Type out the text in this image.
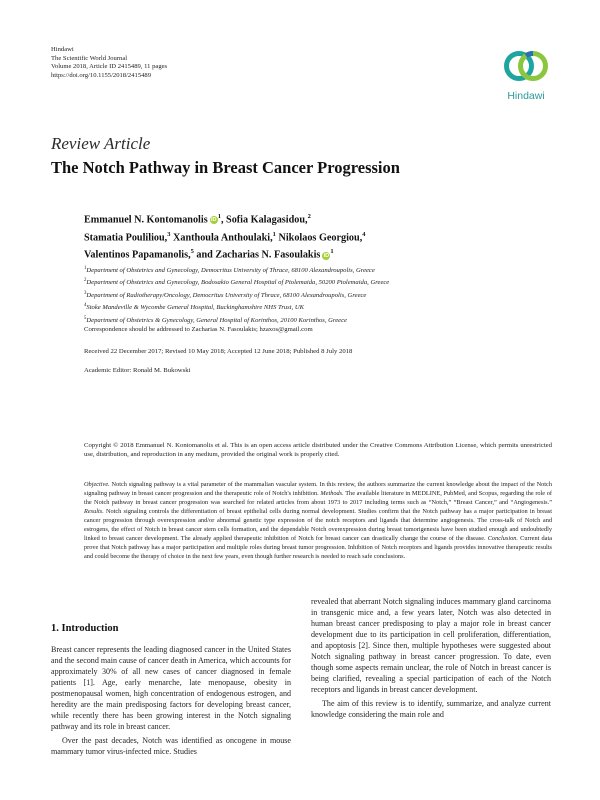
Hindawi
The Scientific World Journal
Volume 2018, Article ID 2415489, 11 pages
https://doi.org/10.1155/2018/2415489
Hindawi
Review Article
The Notch Pathway in Breast Cancer Progression
Emmanuel N. Kontomanolis $iD^1$, Sofia Kalagasidou,$^2$
Stamatia Pouliliou,$^3$ Xanthoula Anthoulaki,$^1$ Nikolaos Georgiou,$^4$
Valentinos Papamanolis,$^5$ and Zacharias N. Fasoulakis $iD^1$
$^1$Department of Obstetrics and Gynecology, Democritus University of Thrace, 68100 Alexandroupolis, Greece
$^2$Department of Obstetrics and Gynecology, Bodosakio General Hospital of Ptolemaida, 50200 Ptolemaida, Greece
$^3$Department of Radiotherapy/Oncology, Democritus University of Thrace, 68100 Alexandroupolis, Greece
$^4$Stoke Mandeville & Wycombe General Hospital, Buckinghamshire NHS Trust, UK
$^5$Department of Obstetrics & Gynecology, General Hospital of Korinthos, 20100 Korinthos, Greece
Correspondence should be addressed to Zacharias N. Fasoulakis; hzaxos@gmail.com
Received 22 December 2017; Revised 10 May 2018; Accepted 12 June 2018; Published 8 July 2018
Academic Editor: Ronald M. Bukowski
Copyright © 2018 Emmanuel N. Kontomanolis et al. This is an open access article distributed under the Creative Commons Attribution License, which permits unrestricted use, distribution, and reproduction in any medium, provided the original work is properly cited.
Objective. Notch signaling pathway is a vital parameter of the mammalian vascular system. In this review, the authors summarize the current knowledge about the impact of the Notch signaling pathway in breast cancer progression and the therapeutic role of Notch's inhibition. Methods. The available literature in MEDLINE, PubMed, and Scopus, regarding the role of the Notch pathway in breast cancer progression was searched for related articles from about 1973 to 2017 including terms such as “Notch,” “Breast Cancer,” and “Angiogenesis.” Results. Notch signaling controls the differentiation of breast epithelial cells during normal development. Studies confirm that the Notch pathway has a major participation in breast cancer progression through overexpression and/or abnormal genetic type expression of the notch receptors and ligands that determine angiogenesis. The cross-talk of Notch and estrogens, the effect of Notch in breast cancer stem cells formation, and the dependable Notch overexpression during breast tumorigenesis have been studied enough and undoubtedly linked to breast cancer development. The already applied therapeutic inhibition of Notch for breast cancer can drastically change the course of the disease. Conclusion. Current data prove that Notch pathway has a major participation and multiple roles during breast tumor progression. Inhibition of Notch receptors and ligands provides innovative therapeutic results and could become the therapy of choice in the next few years, even though further research is needed to reach safe conclusions.
1. Introduction

Breast cancer represents the leading diagnosed cancer in the United States and the second main cause of cancer death in America, which accounts for approximately 30% of all new cases of cancer diagnosed in female patients [1]. Age, early menarche, late menopause, obesity in postmenopausal women, high concentration of endogenous estrogen, and heredity are the main predisposing factors for developing breast cancer, while recently there has been growing interest in the Notch signaling pathway and its role in breast cancer.

Over the past decades, Notch was identified as oncogene in mouse mammary tumor virus-infected mice. Studies

revealed that aberrant Notch signaling induces mammary gland carcinoma in transgenic mice and, a few years later, Notch was also detected in human breast cancer predisposing to play a major role in breast cancer development due to its participation in cell proliferation, differentiation, and apoptosis [2]. Since then, multiple hypotheses were suggested about Notch signaling pathway in breast cancer progression. To date, even though some aspects remain unclear, the role of Notch in breast cancer is being clarified, revealing a special participation of each of the Notch receptors and ligands in breast cancer development.

The aim of this review is to identify, summarize, and analyze current knowledge considering the main role and
